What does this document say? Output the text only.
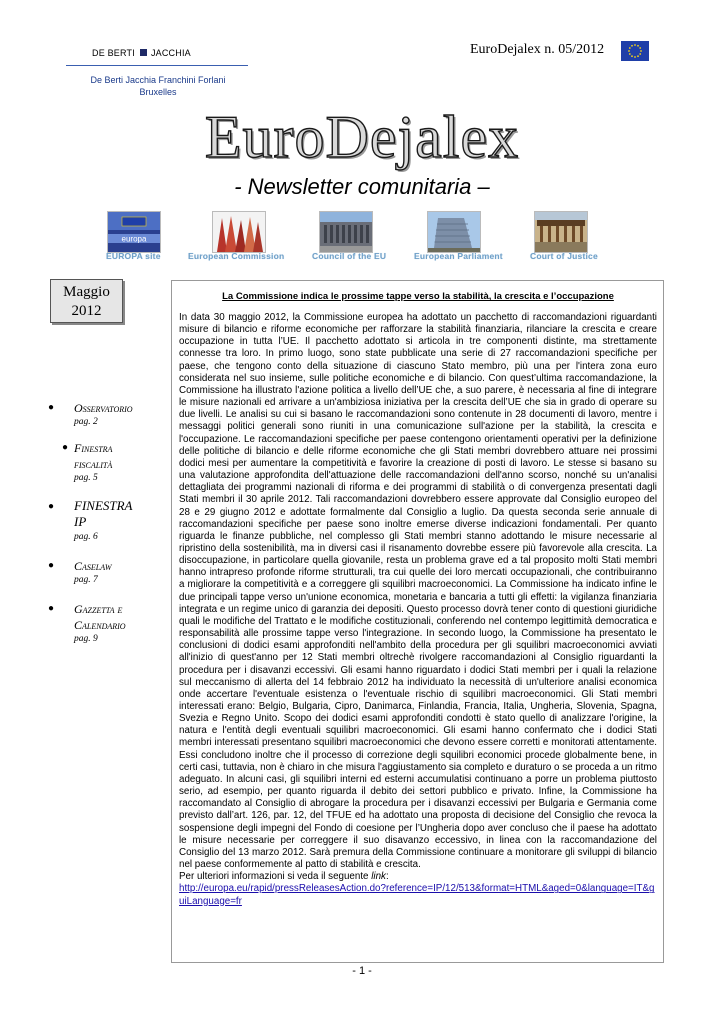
DE BERTI JACCHIA
De Berti Jacchia Franchini Forlani
Bruxelles
EuroDejalex n. 05/2012
EuroDejalex
- Newsletter comunitaria –
europa
EUROPA site	European Commission	Council of the EU	European Parliament	Court of Justice
Maggio
2012
● Osservatorio
pag. 2
● Finestra fiscalità
pag. 5
● FINESTRA IP
pag. 6
● Caselaw
pag. 7
● Gazzetta e Calendario
pag. 9
La Commissione indica le prossime tappe verso la stabilità, la crescita e l’occupazione
In data 30 maggio 2012, la Commissione europea ha adottato un pacchetto di raccomandazioni riguardanti misure di bilancio e riforme economiche per rafforzare la stabilità finanziaria, rilanciare la crescita e creare occupazione in tutta l’UE. Il pacchetto adottato si articola in tre componenti distinte, ma strettamente connesse tra loro. In primo luogo, sono state pubblicate una serie di 27 raccomandazioni specifiche per paese, che tengono conto della situazione di ciascuno Stato membro, più una per l'intera zona euro considerata nel suo insieme, sulle politiche economiche e di bilancio. Con quest’ultima raccomandazione, la Commissione ha illustrato l'azione politica a livello dell’UE che, a suo parere, è necessaria al fine di integrare le misure nazionali ed arrivare a un'ambiziosa iniziativa per la crescita dell’UE che sia in grado di operare su due livelli. Le analisi su cui si basano le raccomandazioni sono contenute in 28 documenti di lavoro, mentre i messaggi politici generali sono riuniti in una comunicazione sull'azione per la stabilità, la crescita e l'occupazione. Le raccomandazioni specifiche per paese contengono orientamenti operativi per la definizione delle politiche di bilancio e delle riforme economiche che gli Stati membri dovrebbero attuare nei prossimi dodici mesi per aumentare la competitività e favorire la creazione di posti di lavoro. Le stesse si basano su una valutazione approfondita dell'attuazione delle raccomandazioni dell'anno scorso, nonché su un'analisi dettagliata dei programmi nazionali di riforma e dei programmi di stabilità o di convergenza presentati dagli Stati membri il 30 aprile 2012. Tali raccomandazioni dovrebbero essere approvate dal Consiglio europeo del 28 e 29 giugno 2012 e adottate formalmente dal Consiglio a luglio. Da questa seconda serie annuale di raccomandazioni specifiche per paese sono inoltre emerse diverse indicazioni fondamentali. Per quanto riguarda le finanze pubbliche, nel complesso gli Stati membri stanno adottando le misure necessarie al ripristino della sostenibilità, ma in diversi casi il risanamento dovrebbe essere più favorevole alla crescita. La disoccupazione, in particolare quella giovanile, resta un problema grave ed a tal proposito molti Stati membri hanno intrapreso profonde riforme strutturali, tra cui quelle dei loro mercati occupazionali, che contribuiranno a migliorare la competitività e a correggere gli squilibri macroeconomici. La Commissione ha indicato infine le due principali tappe verso un'unione economica, monetaria e bancaria a tutti gli effetti: la vigilanza finanziaria integrata e un regime unico di garanzia dei depositi. Questo processo dovrà tener conto di questioni giuridiche quali le modifiche del Trattato e le modifiche costituzionali, conferendo nel contempo legittimità democratica e responsabilità alle prossime tappe verso l'integrazione. In secondo luogo, la Commissione ha presentato le conclusioni di dodici esami approfonditi nell'ambito della procedura per gli squilibri macroeconomici avviati all'inizio di quest'anno per 12 Stati membri oltrechè rivolgere raccomandazioni al Consiglio riguardanti la procedura per i disavanzi eccessivi. Gli esami hanno riguardato i dodici Stati membri per i quali la relazione sul meccanismo di allerta del 14 febbraio 2012 ha individuato la necessità di un'ulteriore analisi economica onde accertare l'eventuale esistenza o l'eventuale rischio di squilibri macroeconomici. Gli Stati membri interessati erano: Belgio, Bulgaria, Cipro, Danimarca, Finlandia, Francia, Italia, Ungheria, Slovenia, Spagna, Svezia e Regno Unito. Scopo dei dodici esami approfonditi condotti è stato quello di analizzare l'origine, la natura e l'entità degli eventuali squilibri macroeconomici. Gli esami hanno confermato che i dodici Stati membri interessati presentano squilibri macroeconomici che devono essere corretti e monitorati attentamente. Essi concludono inoltre che il processo di correzione degli squilibri economici procede globalmente bene, in certi casi, tuttavia, non è chiaro in che misura l'aggiustamento sia completo e duraturo o se proceda a un ritmo adeguato. In alcuni casi, gli squilibri interni ed esterni accumulatisi continuano a porre un problema piuttosto serio, ad esempio, per quanto riguarda il debito dei settori pubblico e privato. Infine, la Commissione ha raccomandato al Consiglio di abrogare la procedura per i disavanzi eccessivi per Bulgaria e Germania come previsto dall’art. 126, par. 12, del TFUE ed ha adottato una proposta di decisione del Consiglio che revoca la sospensione degli impegni del Fondo di coesione per l’Ungheria dopo aver concluso che il paese ha adottato le misure necessarie per correggere il suo disavanzo eccessivo, in linea con la raccomandazione del Consiglio del 13 marzo 2012. Sarà premura della Commissione continuare a monitorare gli sviluppi di bilancio nel paese conformemente al patto di stabilità e crescita.
Per ulteriori informazioni si veda il seguente link:
http://europa.eu/rapid/pressReleasesAction.do?reference=IP/12/513&format=HTML&aged=0&language=IT&guiLanguage=fr
- 1 -
